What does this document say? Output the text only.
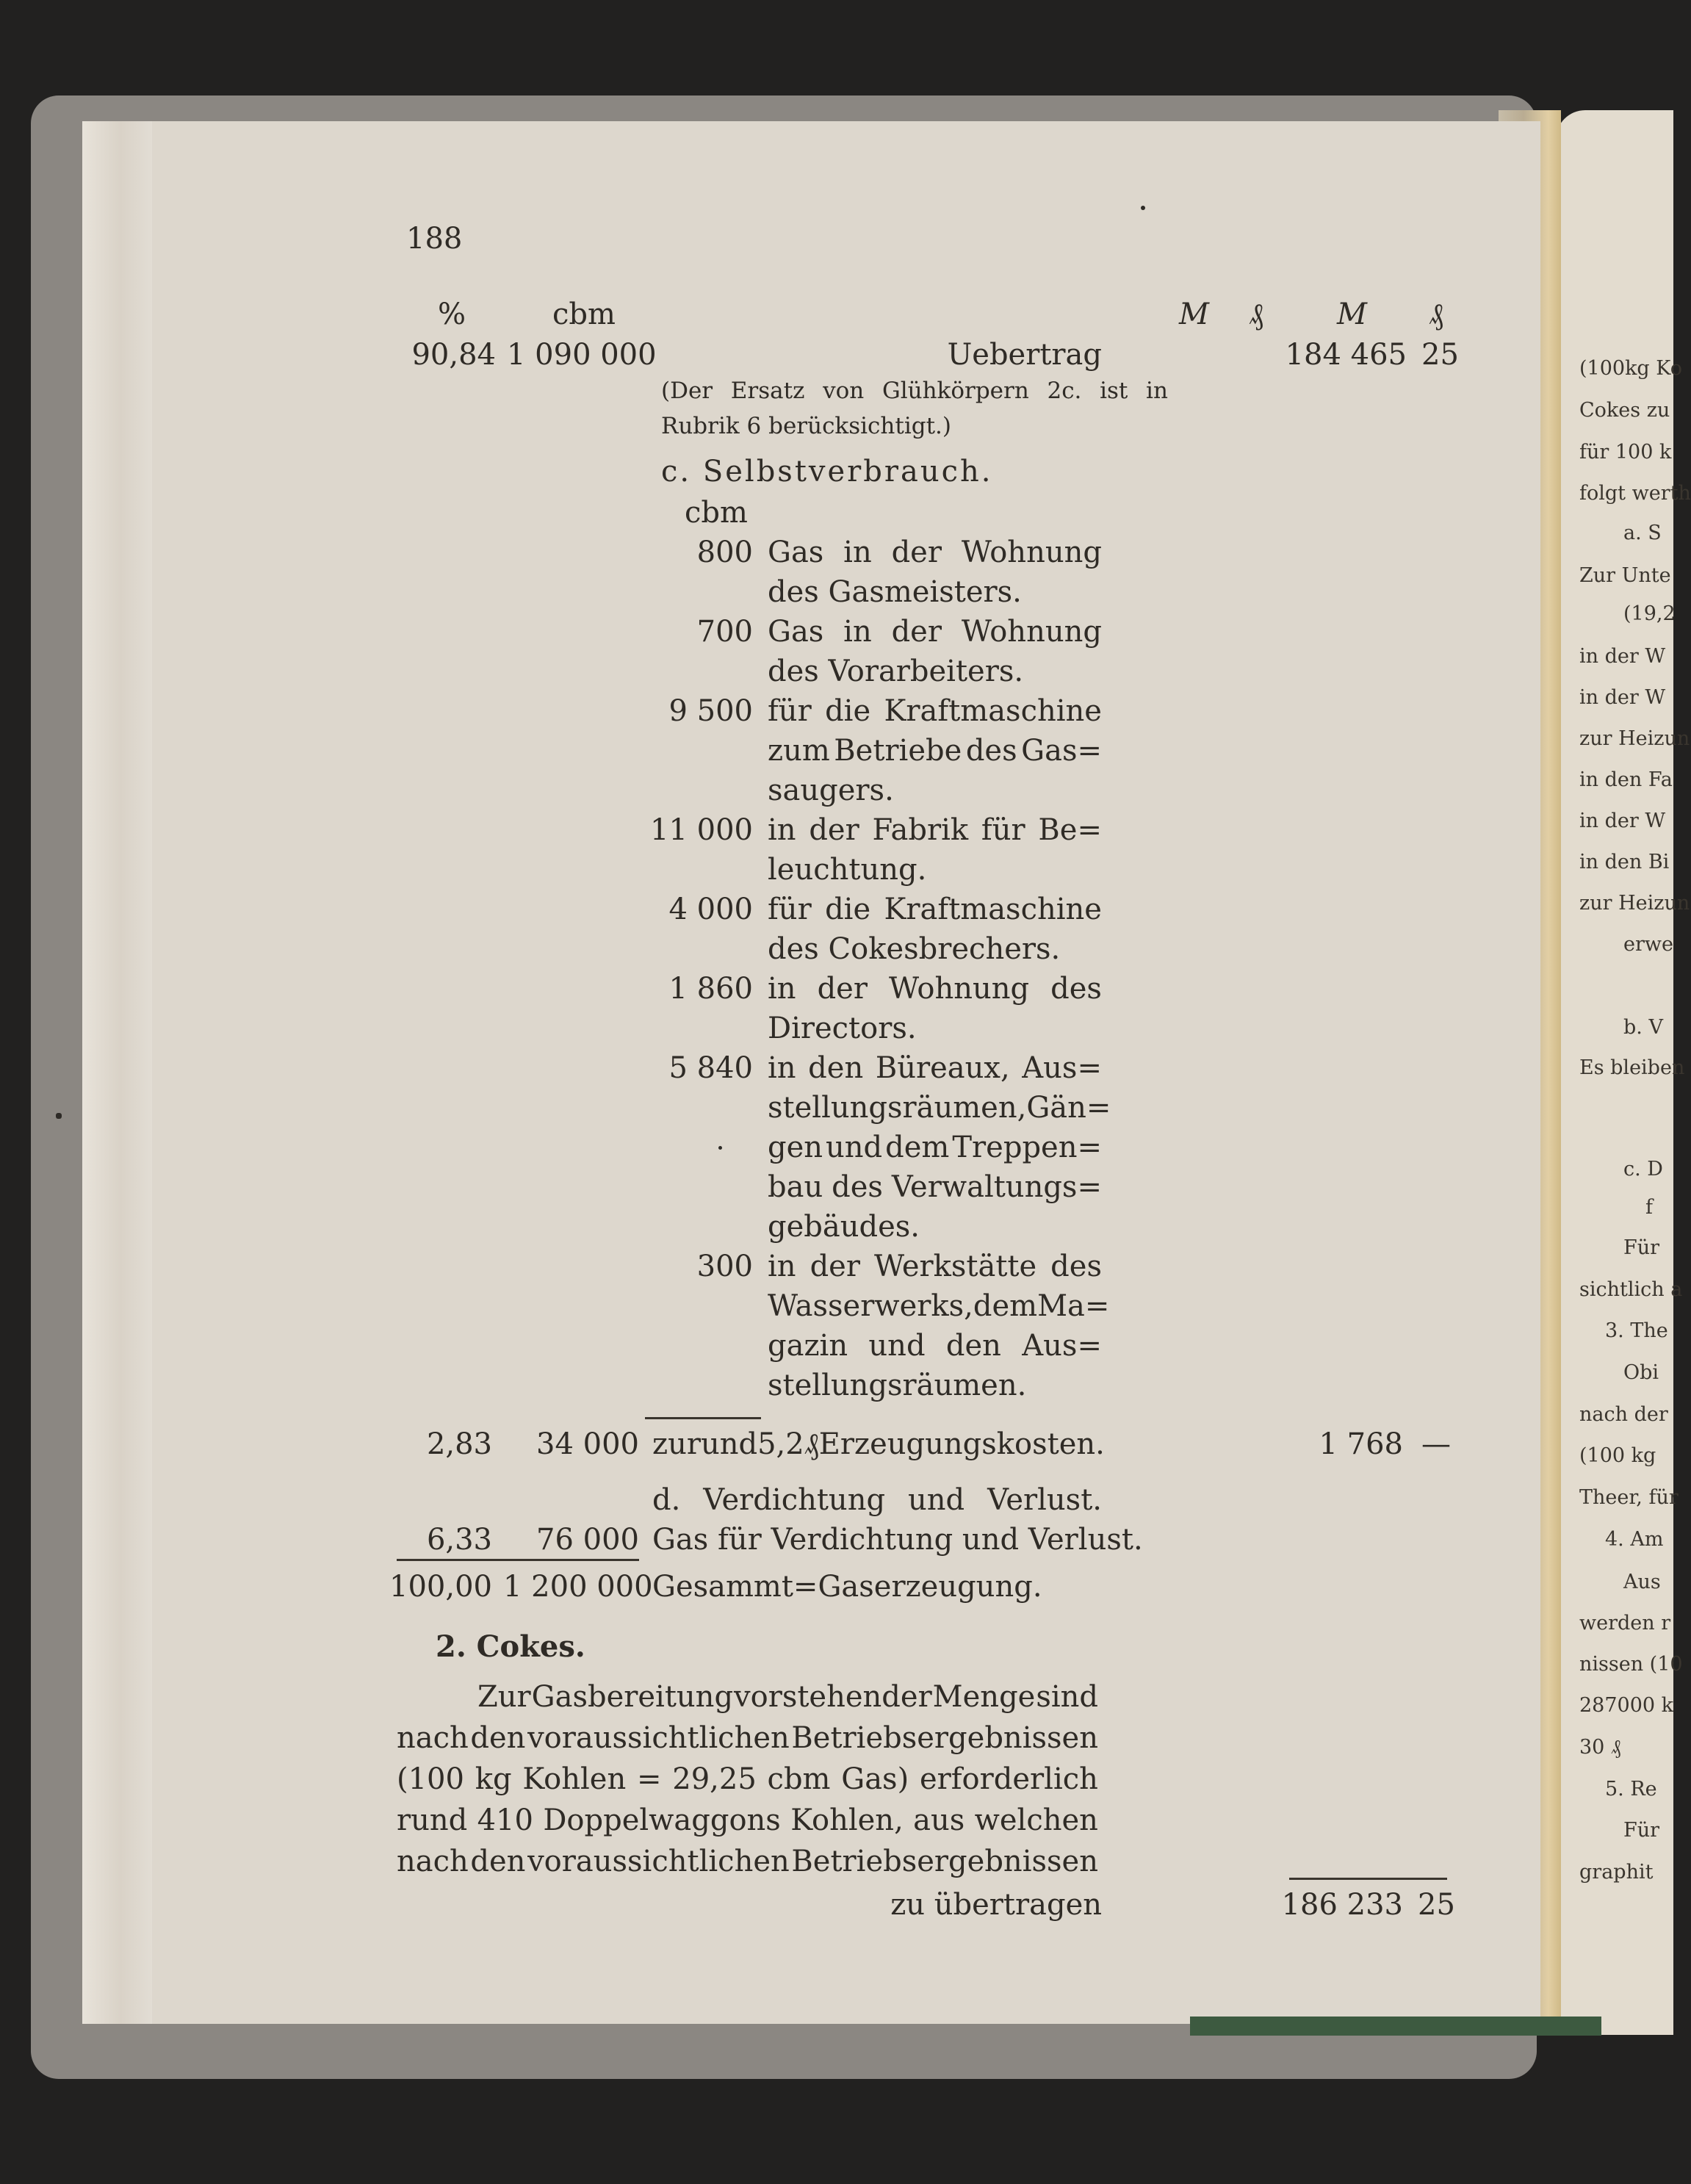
(100kg Ko
Cokes zu
für 100 k
folgt werth
a. S
Zur Unte
(19,2
in der W
in der W
zur Heizun
in den Fa
in der W
in den Bi
zur Heizun
erwe
b. V
Es bleiben
c. D
f
Für
sichtlich a
3. The
Obi
nach der
(100 kg
Theer, für
4. Am
Aus
werden r
nissen (10
287000 k
30 ₰
5. Re
Für
graphit
188
%	cbm	M ₰	M ₰
90,84 1 090 000	Uebertrag	184 465 25
(Der Ersatz von Glühkörpern 2c. ist in
Rubrik 6 berücksichtigt.)
c. Selbstverbrauch.
cbm
800 Gas in der Wohnung
des Gasmeisters.
700 Gas in der Wohnung
des Vorarbeiters.
9 500 für die Kraftmaschine
zum Betriebe des Gas=
saugers.
11 000 in der Fabrik für Be=
leuchtung.
4 000 für die Kraftmaschine
des Cokesbrechers.
1 860 in der Wohnung des
Directors.
5 840 in den Büreaux, Aus=
stellungsräumen, Gän=
gen und dem Treppen=
bau des Verwaltungs=
gebäudes.
300 in der Werkstätte des
Wasserwerks, dem Ma=
gazin und den Aus=
stellungsräumen.
2,83	34 000 zu rund 5,2 ₰ Erzeugungskosten.	1 768 —
d. Verdichtung und Verlust.
6,33	76 000 Gas für Verdichtung und Verlust.
100,00 1 200 000 Gesammt=Gaserzeugung.
2. Cokes.
Zur Gasbereitung vorstehender Menge sind
nach den voraussichtlichen Betriebsergebnissen
(100 kg Kohlen = 29,25 cbm Gas) erforderlich
rund 410 Doppelwaggons Kohlen, aus welchen
nach den voraussichtlichen Betriebsergebnissen
zu übertragen	186 233 25
